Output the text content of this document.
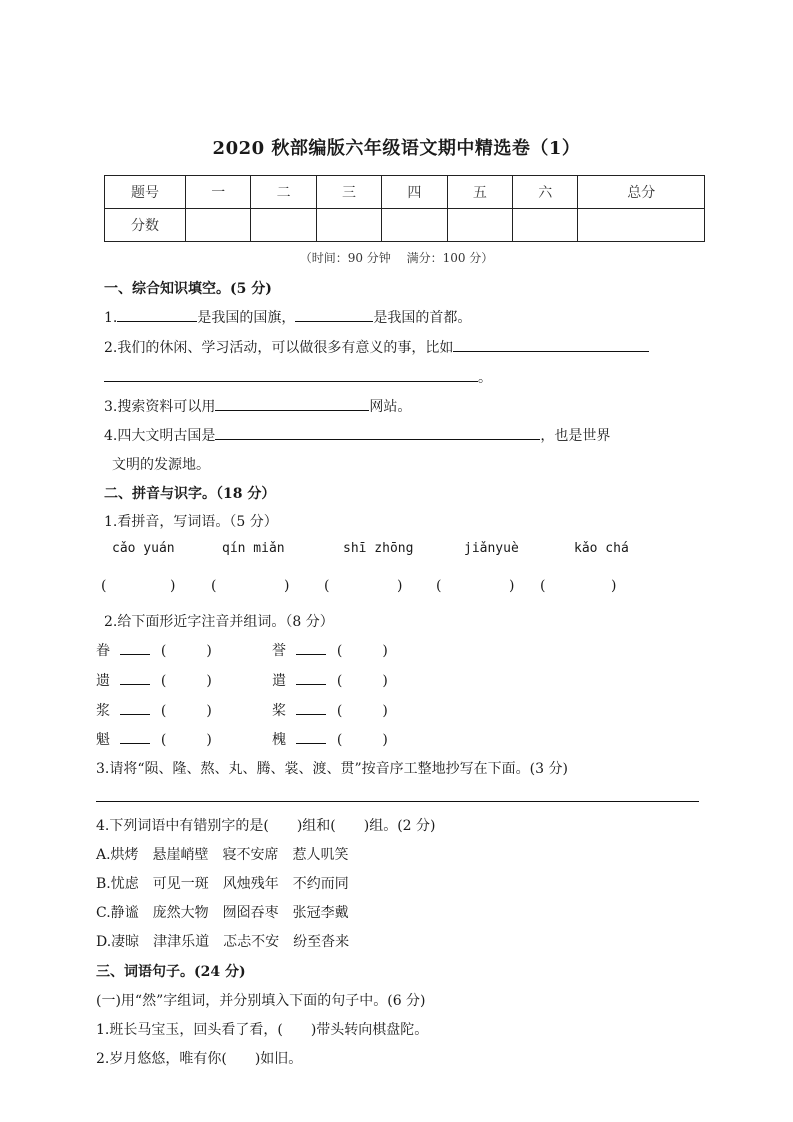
2020 秋部编版六年级语文期中精选卷（1）
题号	一	二	三	四	五	六	总分
分数							
（时间：90 分钟　 满分：100 分）
一、综合知识填空。(5 分)
1.	是我国的国旗，	是我国的首都。
2.我们的休闲、学习活动，可以做很多有意义的事，比如
。
3.搜索资料可以用	网站。
4.四大文明古国是	，也是世界
文明的发源地。
二、拼音与识字。（18 分）
1.看拼音，写词语。（5 分）
cǎo yuán	qín miǎn	shī zhōng	jiǎnyuè	kǎo chá
(	)	(	) (	) (	) (	)
2.给下面形近字注音并组词。（8 分）
眷	(	)	誉	(	)
遗	(	)	遣	(	)
浆	(	)	桨	(	)
魁	(	)	槐	(	)
3.请将“陨、隆、熬、丸、腾、裳、渡、贯”按音序工整地抄写在下面。(3 分)
4.下列词语中有错别字的是(　　)组和(　　)组。(2 分)
A.烘烤　悬崖峭壁　寝不安席　惹人叽笑
B.忧虑　可见一斑　风烛残年　不约而同
C.静谧　庞然大物　囫囵吞枣　张冠李戴
D.凄晾　津津乐道　忑忐不安　纷至沓来
三、词语句子。(24 分)
(一)用“然”字组词，并分别填入下面的句子中。(6 分)
1.班长马宝玉，回头看了看，(　　)带头转向棋盘陀。
2.岁月悠悠，唯有你(　　)如旧。
